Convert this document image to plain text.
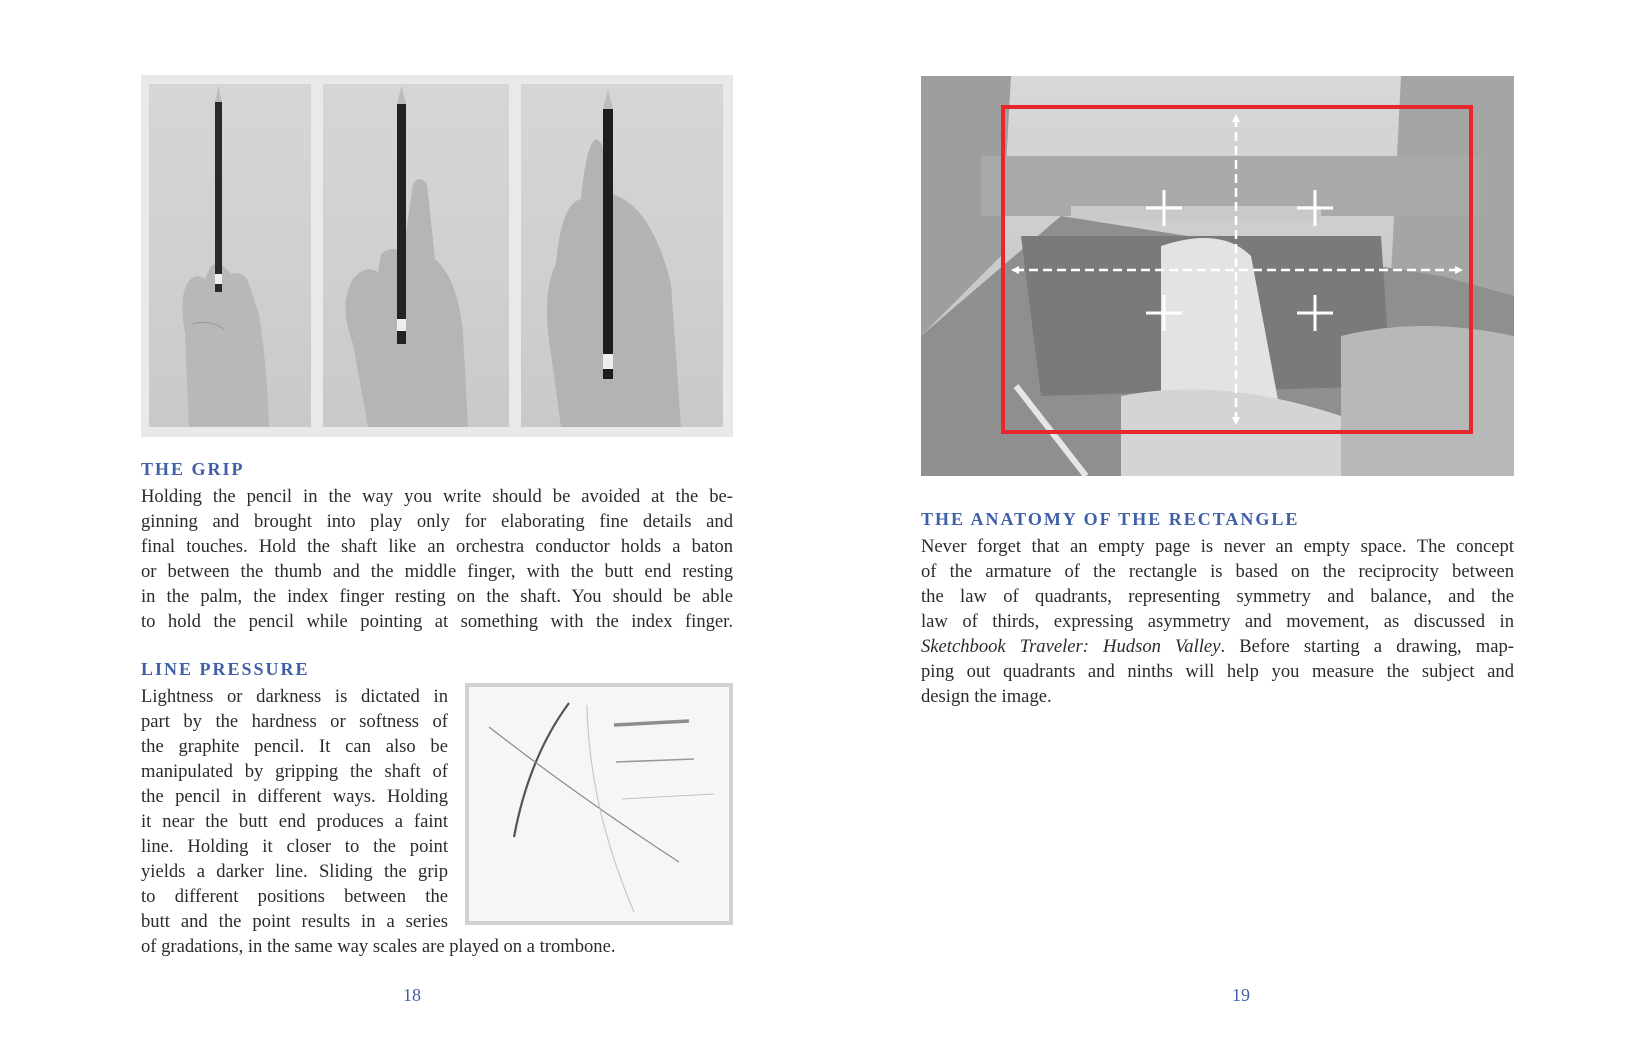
THE GRIP
Holding the pencil in the way you write should be avoided at the be-
ginning and brought into play only for elaborating fine details and
final touches. Hold the shaft like an orchestra conductor holds a baton
or between the thumb and the middle finger, with the butt end resting
in the palm, the index finger resting on the shaft. You should be able
to hold the pencil while pointing at something with the index finger.
LINE PRESSURE
Lightness or darkness is dictated in
part by the hardness or softness of
the graphite pencil. It can also be
manipulated by gripping the shaft of
the pencil in different ways. Holding
it near the butt end produces a faint
line. Holding it closer to the point
yields a darker line. Sliding the grip
to different positions between the
butt and the point results in a series
of gradations, in the same way scales are played on a trombone.
18
THE ANATOMY OF THE RECTANGLE
Never forget that an empty page is never an empty space. The concept
of the armature of the rectangle is based on the reciprocity between
the law of quadrants, representing symmetry and balance, and the
law of thirds, expressing asymmetry and movement, as discussed in
Sketchbook Traveler: Hudson Valley. Before starting a drawing, map-
ping out quadrants and ninths will help you measure the subject and
design the image.
19
